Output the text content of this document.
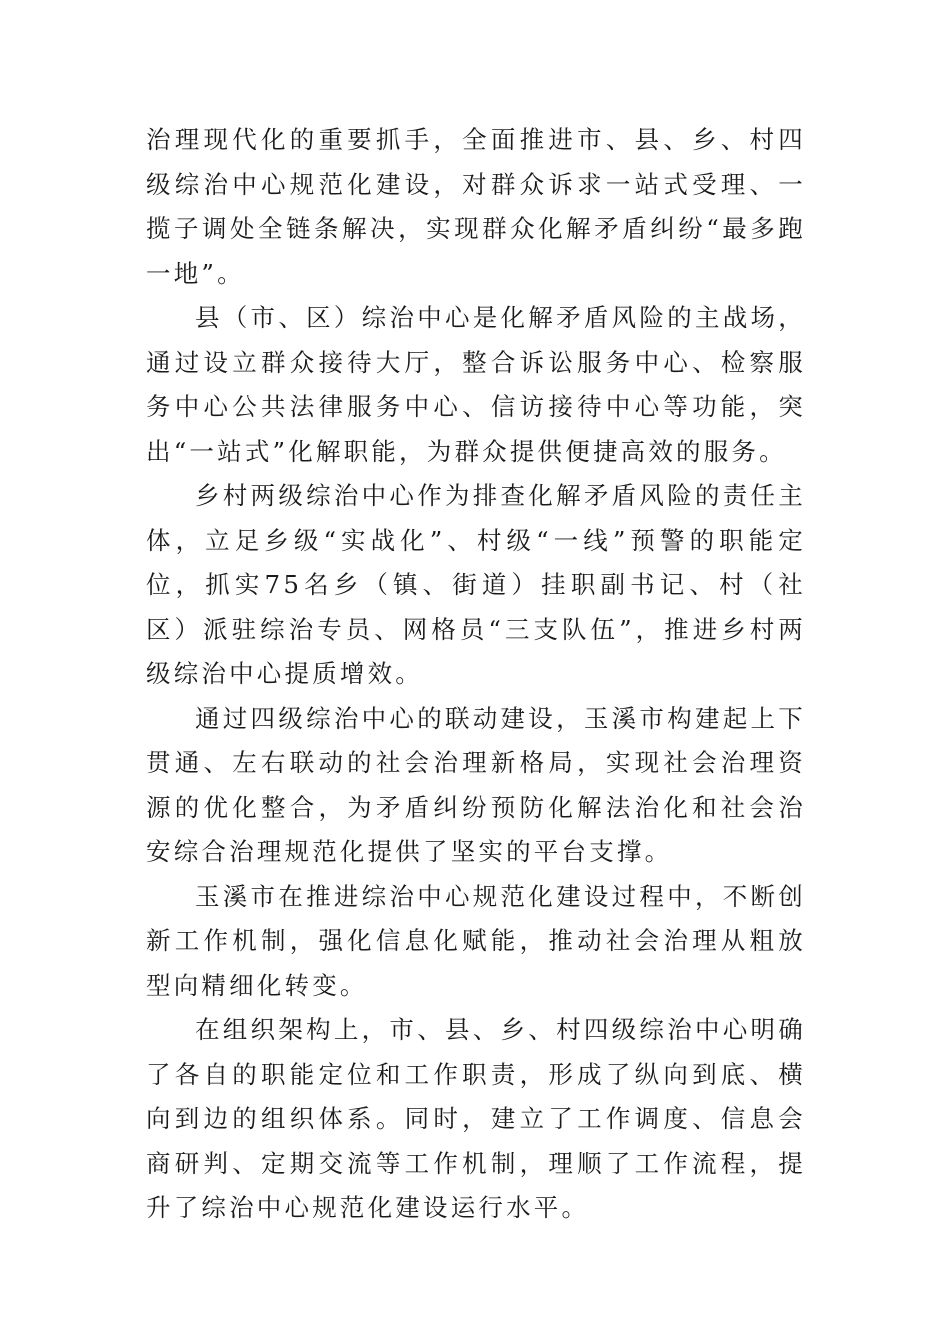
治理现代化的重要抓手，全面推进市、县、乡、村四级综治中心规范化建设，对群众诉求一站式受理、一揽子调处全链条解决，实现群众化解矛盾纠纷“最多跑一地”。

县（市、区）综治中心是化解矛盾风险的主战场，通过设立群众接待大厅，整合诉讼服务中心、检察服务中心公共法律服务中心、信访接待中心等功能，突出“一站式”化解职能，为群众提供便捷高效的服务。

乡村两级综治中心作为排查化解矛盾风险的责任主体，立足乡级“实战化”、村级“一线”预警的职能定位，抓实75名乡（镇、街道）挂职副书记、村（社区）派驻综治专员、网格员“三支队伍”，推进乡村两级综治中心提质增效。

通过四级综治中心的联动建设，玉溪市构建起上下贯通、左右联动的社会治理新格局，实现社会治理资源的优化整合，为矛盾纠纷预防化解法治化和社会治安综合治理规范化提供了坚实的平台支撑。

玉溪市在推进综治中心规范化建设过程中，不断创新工作机制，强化信息化赋能，推动社会治理从粗放型向精细化转变。

在组织架构上，市、县、乡、村四级综治中心明确了各自的职能定位和工作职责，形成了纵向到底、横向到边的组织体系。同时，建立了工作调度、信息会商研判、定期交流等工作机制，理顺了工作流程，提升了综治中心规范化建设运行水平。
